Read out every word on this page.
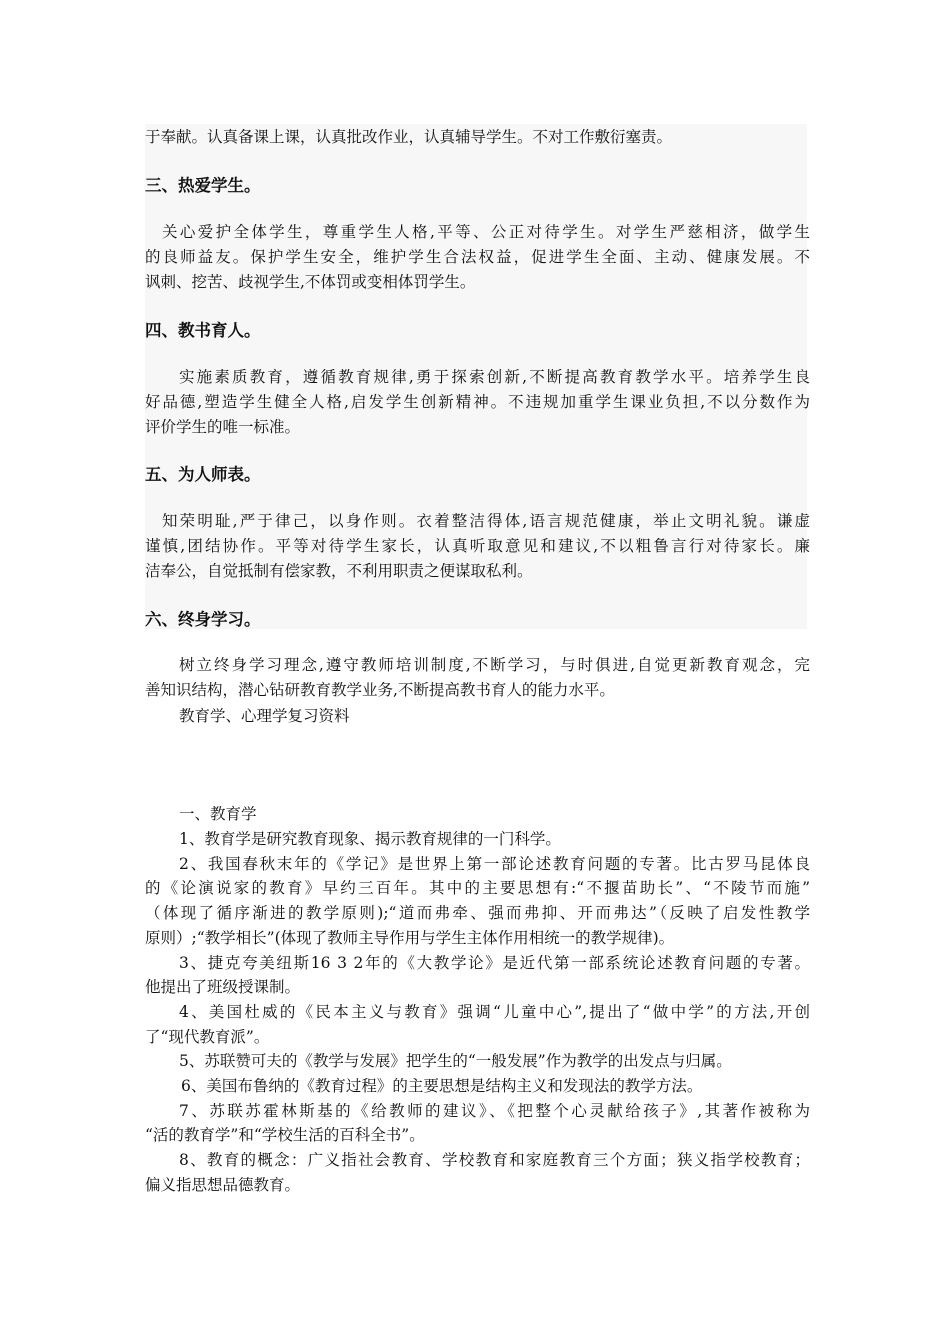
于奉献。认真备课上课，认真批改作业，认真辅导学生。不对工作敷衍塞责。
三、热爱学生。
关心爱护全体学生，尊重学生人格,平等、公正对待学生。对学生严慈相济，做学生
的良师益友。保护学生安全，维护学生合法权益，促进学生全面、主动、健康发展。不
讽刺、挖苦、歧视学生,不体罚或变相体罚学生。
四、教书育人。
实施素质教育，遵循教育规律,勇于探索创新,不断提高教育教学水平。培养学生良
好品德,塑造学生健全人格,启发学生创新精神。不违规加重学生课业负担,不以分数作为
评价学生的唯一标准。
五、为人师表。
知荣明耻,严于律己，以身作则。衣着整洁得体,语言规范健康，举止文明礼貌。谦虚
谨慎,团结协作。平等对待学生家长，认真听取意见和建议,不以粗鲁言行对待家长。廉
洁奉公，自觉抵制有偿家教，不利用职责之便谋取私利。
六、终身学习。
树立终身学习理念,遵守教师培训制度,不断学习，与时俱进,自觉更新教育观念，完
善知识结构，潜心钻研教育教学业务,不断提高教书育人的能力水平。
教育学、心理学复习资料
一、教育学
1、教育学是研究教育现象、揭示教育规律的一门科学。
2、我国春秋末年的《学记》是世界上第一部论述教育问题的专著。比古罗马昆体良
的《论演说家的教育》早约三百年。其中的主要思想有:“不揠苗助长”、“不陵节而施”
（体现了循序渐进的教学原则);“道而弗牵、强而弗抑、开而弗达”（反映了启发性教学
原则）;“教学相长”(体现了教师主导作用与学生主体作用相统一的教学规律)。
3、捷克夸美纽斯16 3 2年的《大教学论》是近代第一部系统论述教育问题的专著。
他提出了班级授课制。
4、美国杜威的《民本主义与教育》强调“儿童中心”,提出了“做中学”的方法,开创
了“现代教育派”。
5、苏联赞可夫的《教学与发展》把学生的“一般发展”作为教学的出发点与归属。
6、美国布鲁纳的《教育过程》的主要思想是结构主义和发现法的教学方法。
7、苏联苏霍林斯基的《给教师的建议》、《把整个心灵献给孩子》,其著作被称为
“活的教育学”和“学校生活的百科全书”。
8、教育的概念：广义指社会教育、学校教育和家庭教育三个方面；狭义指学校教育；
偏义指思想品德教育。
